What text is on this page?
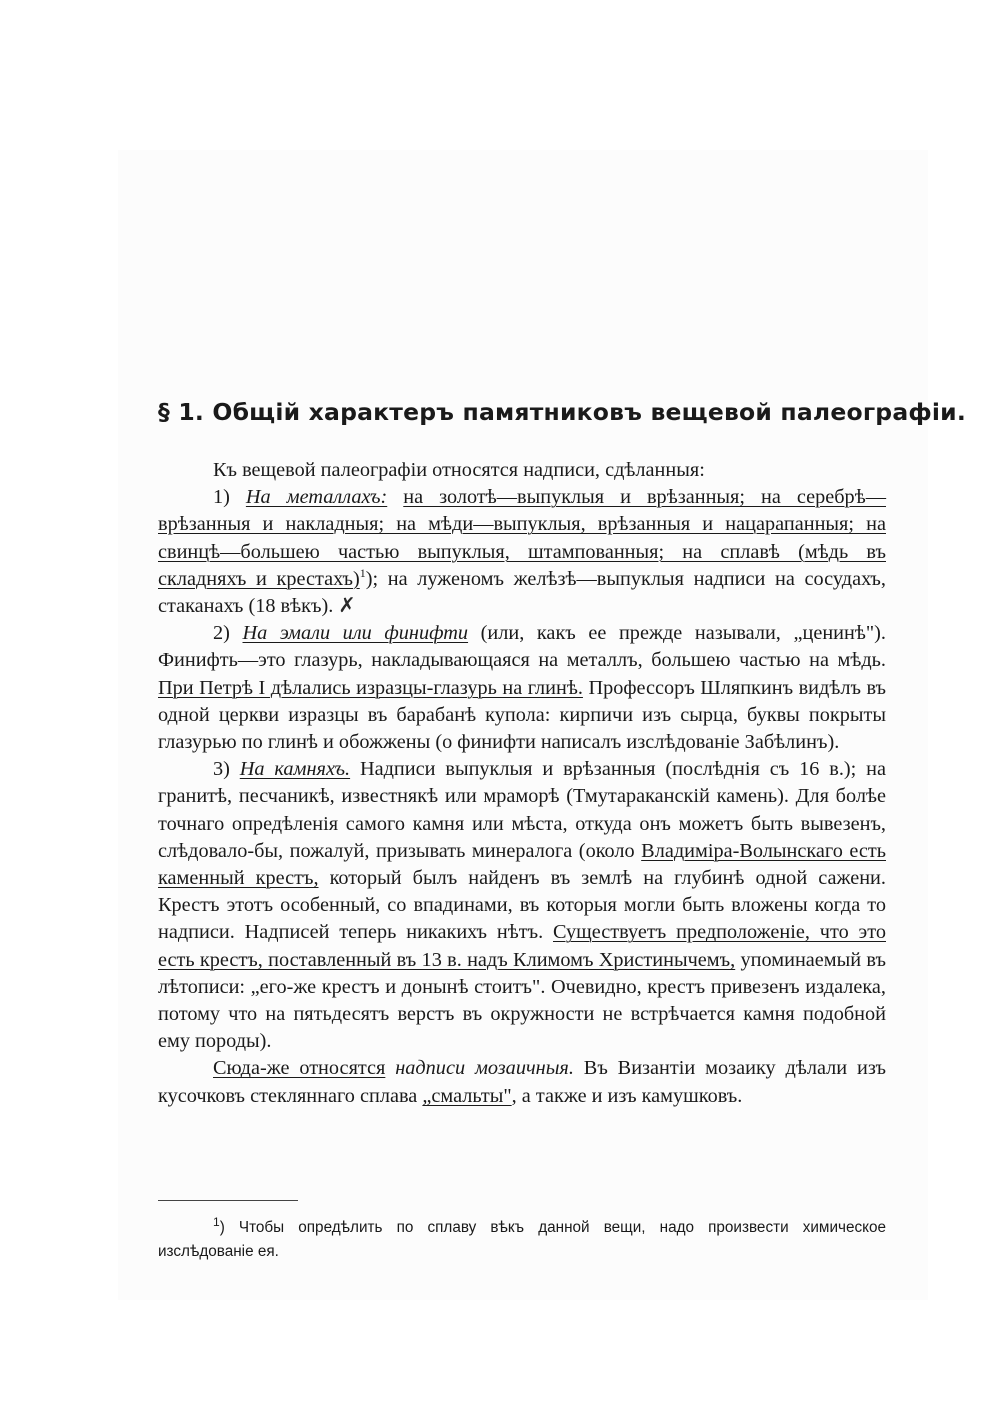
§ 1. Общій характеръ памятниковъ вещевой палеографіи.

Къ вещевой палеографіи относятся надписи, сдѣланныя:

1) На металлахъ: на золотѣ—выпуклыя и врѣзанныя; на серебрѣ—врѣзанныя и накладныя; на мѣди—выпуклыя, врѣзанныя и нацарапанныя; на свинцѣ—большею частью выпуклыя, штампованныя; на сплавѣ (мѣдь въ складняхъ и крестахъ)$^1$); на луженомъ желѣзѣ—выпуклыя надписи на сосудахъ, стаканахъ (18 вѣкъ). ✗

2) На эмали или финифти (или, какъ ее прежде называли, „цeнинѣ"). Финифть—это глазурь, накладывающаяся на металлъ, большею частью на мѣдь. При Петрѣ I дѣлались изразцы-глазурь на глинѣ. Профессоръ Шляпкинъ видѣлъ въ одной церкви изразцы въ барабанѣ купола: кирпичи изъ сырца, буквы покрыты глазурью по глинѣ и обожжены (о финифти написалъ изслѣдованіе Забѣлинъ).

3) На камняхъ. Надписи выпуклыя и врѣзанныя (послѣднія съ 16 в.); на гранитѣ, песчаникѣ, известнякѣ или мраморѣ (Тмутараканскій камень). Для болѣе точнаго опредѣленія самого камня или мѣста, откуда онъ можетъ быть вывезенъ, слѣдовало-бы, пожалуй, призывать минералога (около Владиміра-Волынскаго есть каменный крестъ, который былъ найденъ въ землѣ на глубинѣ одной сажени. Крестъ этотъ особенный, со впадинами, въ которыя могли быть вложены когда то надписи. Надписей теперь никакихъ нѣтъ. Существуетъ предположеніе, что это есть крестъ, поставленный въ 13 в. надъ Климомъ Христинычемъ, упоминаемый въ лѣтописи: „его-же крестъ и донынѣ стоитъ". Очевидно, крестъ привезенъ издалека, потому что на пятьдесятъ верстъ въ окружности не встрѣчается камня подобной ему породы).

Сюда-же относятся надписи мозаичныя. Въ Византіи мозаику дѣлали изъ кусочковъ стекляннаго сплава „смальты", а также и изъ камушковъ.

$^1$) Чтобы опредѣлить по сплаву вѣкъ данной вещи, надо произвести химическое изслѣдованіе ея.
